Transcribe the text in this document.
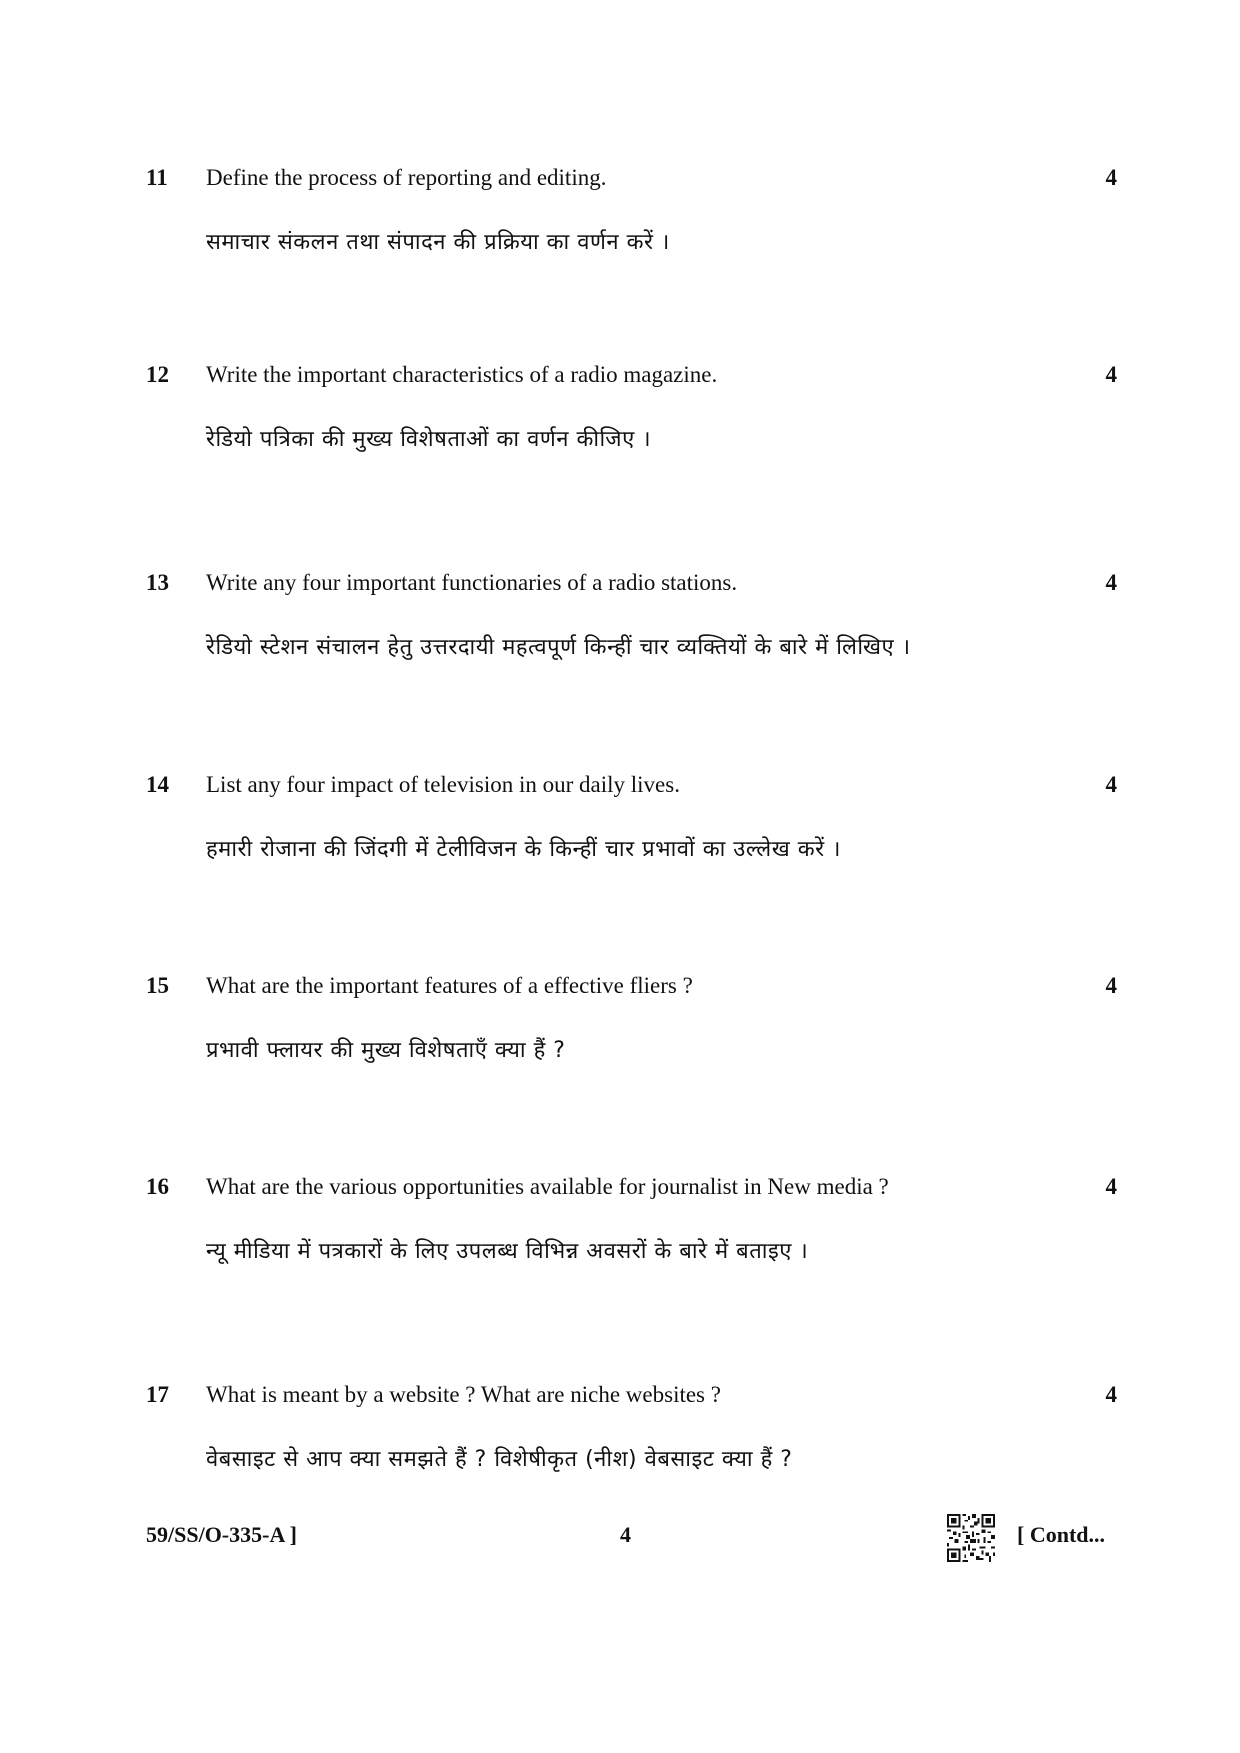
11 Define the process of reporting and editing.	4
समाचार संकलन तथा संपादन की प्रक्रिया का वर्णन करें ।
12 Write the important characteristics of a radio magazine.	4
रेडियो पत्रिका की मुख्य विशेषताओं का वर्णन कीजिए ।
13 Write any four important functionaries of a radio stations.	4
रेडियो स्टेशन संचालन हेतु उत्तरदायी महत्वपूर्ण किन्हीं चार व्यक्तियों के बारे में लिखिए ।
14 List any four impact of television in our daily lives.	4
हमारी रोजाना की जिंदगी में टेलीविजन के किन्हीं चार प्रभावों का उल्लेख करें ।
15 What are the important features of a effective fliers ?	4
प्रभावी फ्लायर की मुख्य विशेषताएँ क्या हैं ?
16 What are the various opportunities available for journalist in New media ?	4
न्यू मीडिया में पत्रकारों के लिए उपलब्ध विभिन्न अवसरों के बारे में बताइए ।
17 What is meant by a website ? What are niche websites ?	4
वेबसाइट से आप क्या समझते हैं ? विशेषीकृत (नीश) वेबसाइट क्या हैं ?
59/SS/O-335-A ]	4	[ Contd...
